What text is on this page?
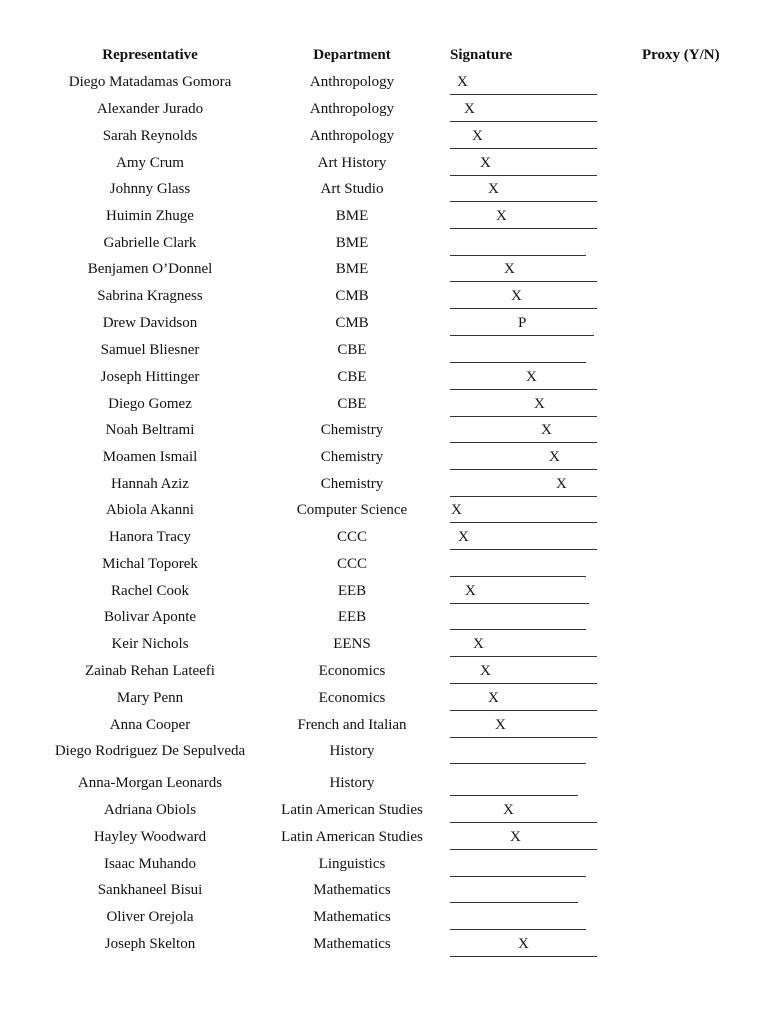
Representative	Department	Signature	Proxy (Y/N)
Diego Matadamas Gomora	Anthropology	X
Alexander Jurado	Anthropology	X
Sarah Reynolds	Anthropology	X
Amy Crum	Art History	X
Johnny Glass	Art Studio	X
Huimin Zhuge	BME	X
Gabrielle Clark	BME
Benjamen O’Donnel	BME	X
Sabrina Kragness	CMB	X
Drew Davidson	CMB	P
Samuel Bliesner	CBE
Joseph Hittinger	CBE	X
Diego Gomez	CBE	X
Noah Beltrami	Chemistry	X
Moamen Ismail	Chemistry	X
Hannah Aziz	Chemistry	X
Abiola Akanni	Computer Science	X
Hanora Tracy	CCC	X
Michal Toporek	CCC
Rachel Cook	EEB	X
Bolivar Aponte	EEB
Keir Nichols	EENS	X
Zainab Rehan Lateefi	Economics	X
Mary Penn	Economics	X
Anna Cooper	French and Italian	X
Diego Rodriguez De Sepulveda	History
Anna-Morgan Leonards	History
Adriana Obiols	Latin American Studies	X
Hayley Woodward	Latin American Studies	X
Isaac Muhando	Linguistics
Sankhaneel Bisui	Mathematics
Oliver Orejola	Mathematics
Joseph Skelton	Mathematics	X
